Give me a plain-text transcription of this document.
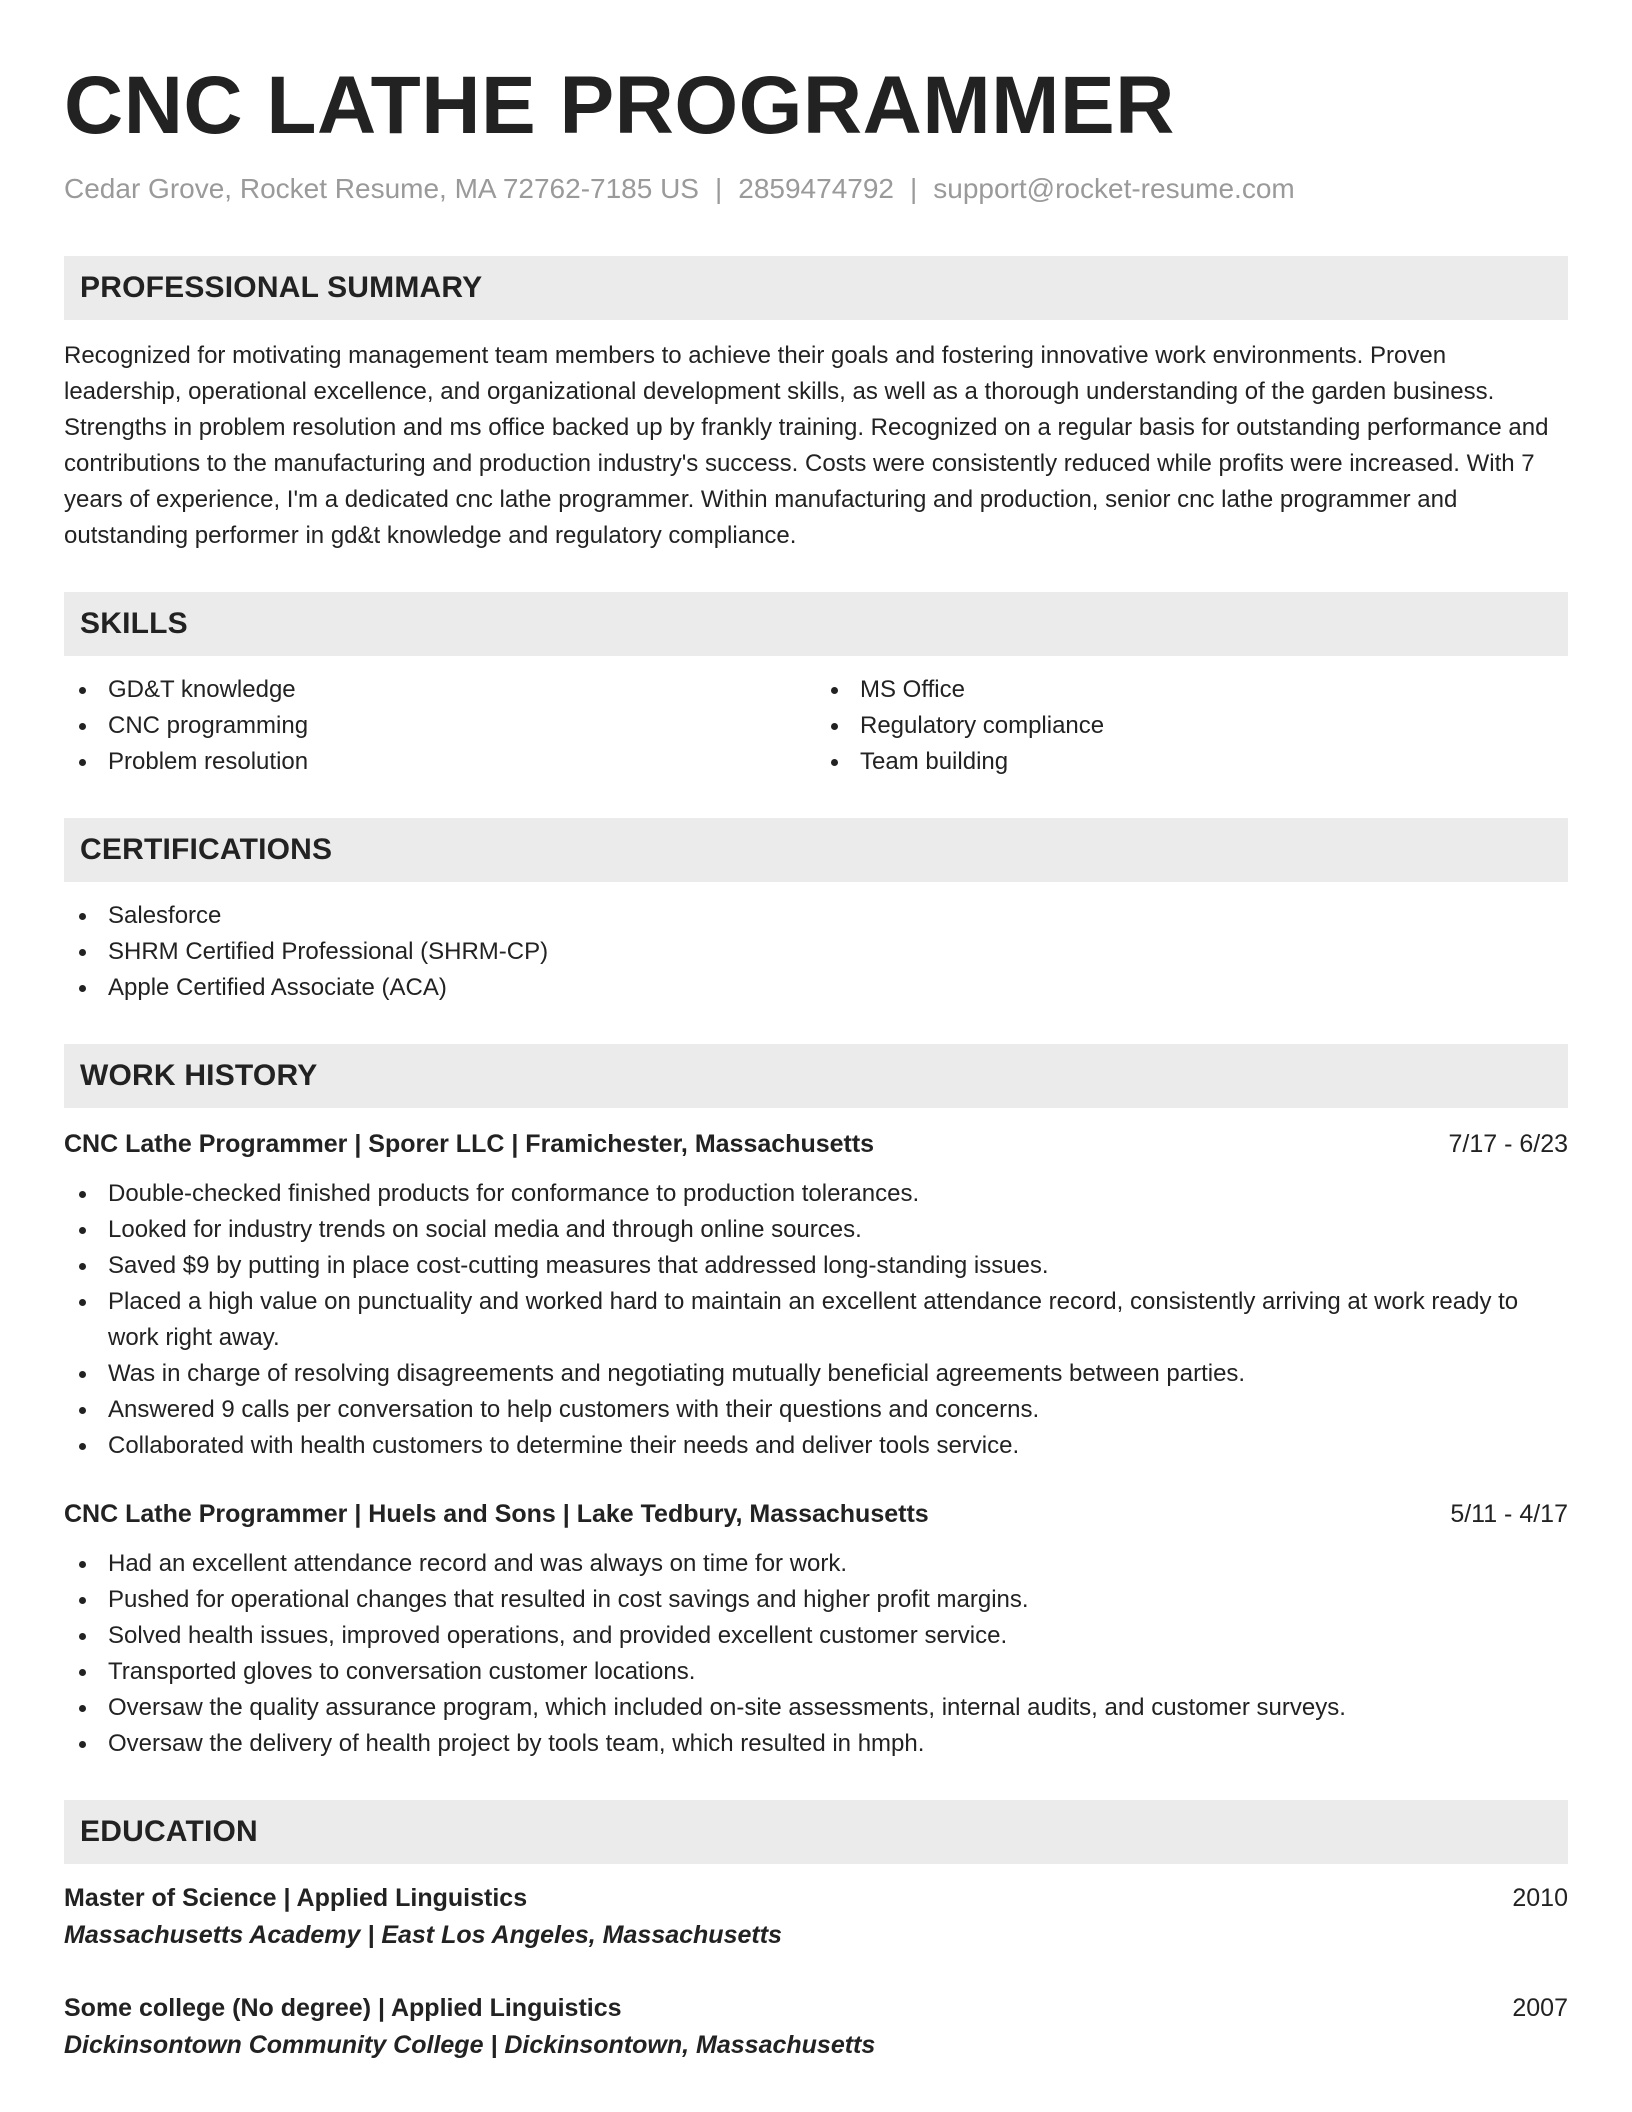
CNC LATHE PROGRAMMER
Cedar Grove, Rocket Resume, MA 72762-7185 US | 2859474792 | support@rocket-resume.com
PROFESSIONAL SUMMARY

Recognized for motivating management team members to achieve their goals and fostering innovative work environments. Proven leadership, operational excellence, and organizational development skills, as well as a thorough understanding of the garden business. Strengths in problem resolution and ms office backed up by frankly training. Recognized on a regular basis for outstanding performance and contributions to the manufacturing and production industry's success. Costs were consistently reduced while profits were increased. With 7 years of experience, I'm a dedicated cnc lathe programmer. Within manufacturing and production, senior cnc lathe programmer and outstanding performer in gd&t knowledge and regulatory compliance.

SKILLS
GD&T knowledge
CNC programming
Problem resolution
MS Office
Regulatory compliance
Team building
CERTIFICATIONS
Salesforce
SHRM Certified Professional (SHRM-CP)
Apple Certified Associate (ACA)
WORK HISTORY
CNC Lathe Programmer | Sporer LLC | Framichester, Massachusetts	7/17 - 6/23
Double-checked finished products for conformance to production tolerances.
Looked for industry trends on social media and through online sources.
Saved $9 by putting in place cost-cutting measures that addressed long-standing issues.
Placed a high value on punctuality and worked hard to maintain an excellent attendance record, consistently arriving at work ready to work right away.
Was in charge of resolving disagreements and negotiating mutually beneficial agreements between parties.
Answered 9 calls per conversation to help customers with their questions and concerns.
Collaborated with health customers to determine their needs and deliver tools service.
CNC Lathe Programmer | Huels and Sons | Lake Tedbury, Massachusetts	5/11 - 4/17
Had an excellent attendance record and was always on time for work.
Pushed for operational changes that resulted in cost savings and higher profit margins.
Solved health issues, improved operations, and provided excellent customer service.
Transported gloves to conversation customer locations.
Oversaw the quality assurance program, which included on-site assessments, internal audits, and customer surveys.
Oversaw the delivery of health project by tools team, which resulted in hmph.
EDUCATION
Master of Science | Applied Linguistics	2010
Massachusetts Academy | East Los Angeles, Massachusetts
Some college (No degree) | Applied Linguistics	2007
Dickinsontown Community College | Dickinsontown, Massachusetts
